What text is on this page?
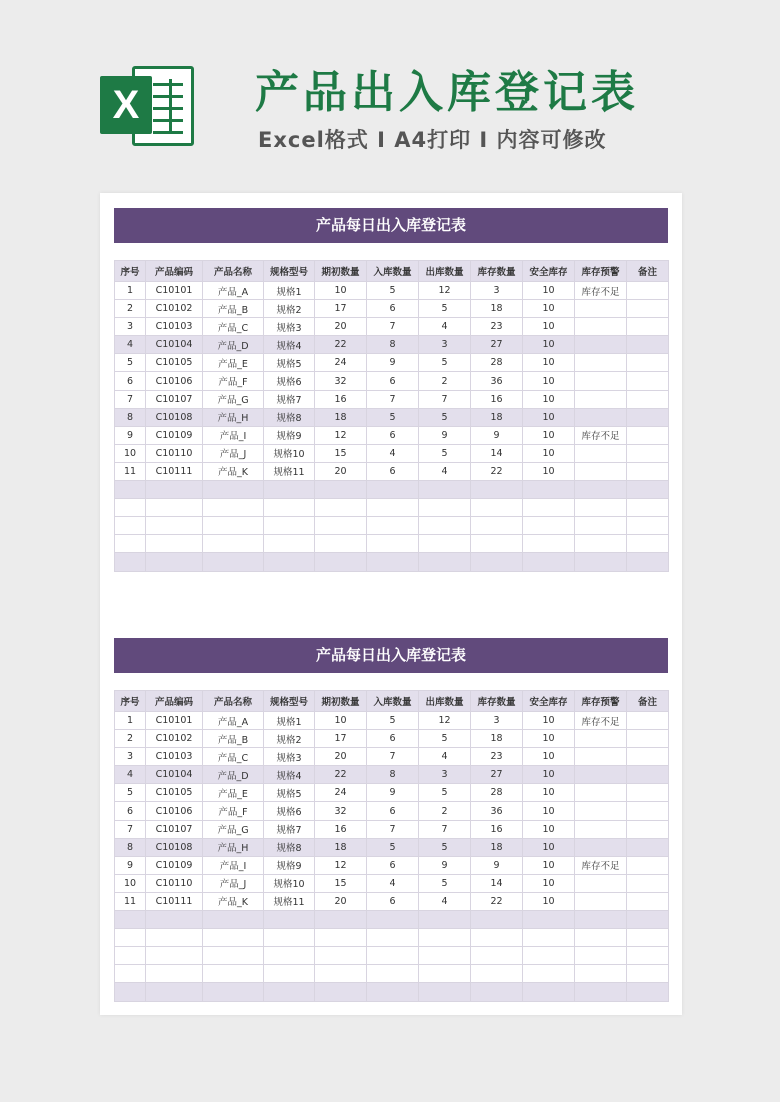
X	产品出入库登记表
Excel格式 I A4打印 I 内容可修改
产品每日出入库登记表
序号	产品编码	产品名称	规格型号	期初数量	入库数量	出库数量	库存数量	安全库存	库存预警	备注
1	C10101	产品_A	规格1	10	5	12	3	10	库存不足	
2	C10102	产品_B	规格2	17	6	5	18	10		
3	C10103	产品_C	规格3	20	7	4	23	10		
4	C10104	产品_D	规格4	22	8	3	27	10		
5	C10105	产品_E	规格5	24	9	5	28	10		
6	C10106	产品_F	规格6	32	6	2	36	10		
7	C10107	产品_G	规格7	16	7	7	16	10		
8	C10108	产品_H	规格8	18	5	5	18	10		
9	C10109	产品_I	规格9	12	6	9	9	10	库存不足	
10	C10110	产品_J	规格10	15	4	5	14	10		
11	C10111	产品_K	规格11	20	6	4	22	10		

产品每日出入库登记表
序号	产品编码	产品名称	规格型号	期初数量	入库数量	出库数量	库存数量	安全库存	库存预警	备注
1	C10101	产品_A	规格1	10	5	12	3	10	库存不足	
2	C10102	产品_B	规格2	17	6	5	18	10		
3	C10103	产品_C	规格3	20	7	4	23	10		
4	C10104	产品_D	规格4	22	8	3	27	10		
5	C10105	产品_E	规格5	24	9	5	28	10		
6	C10106	产品_F	规格6	32	6	2	36	10		
7	C10107	产品_G	规格7	16	7	7	16	10		
8	C10108	产品_H	规格8	18	5	5	18	10		
9	C10109	产品_I	规格9	12	6	9	9	10	库存不足	
10	C10110	产品_J	规格10	15	4	5	14	10		
11	C10111	产品_K	规格11	20	6	4	22	10		
